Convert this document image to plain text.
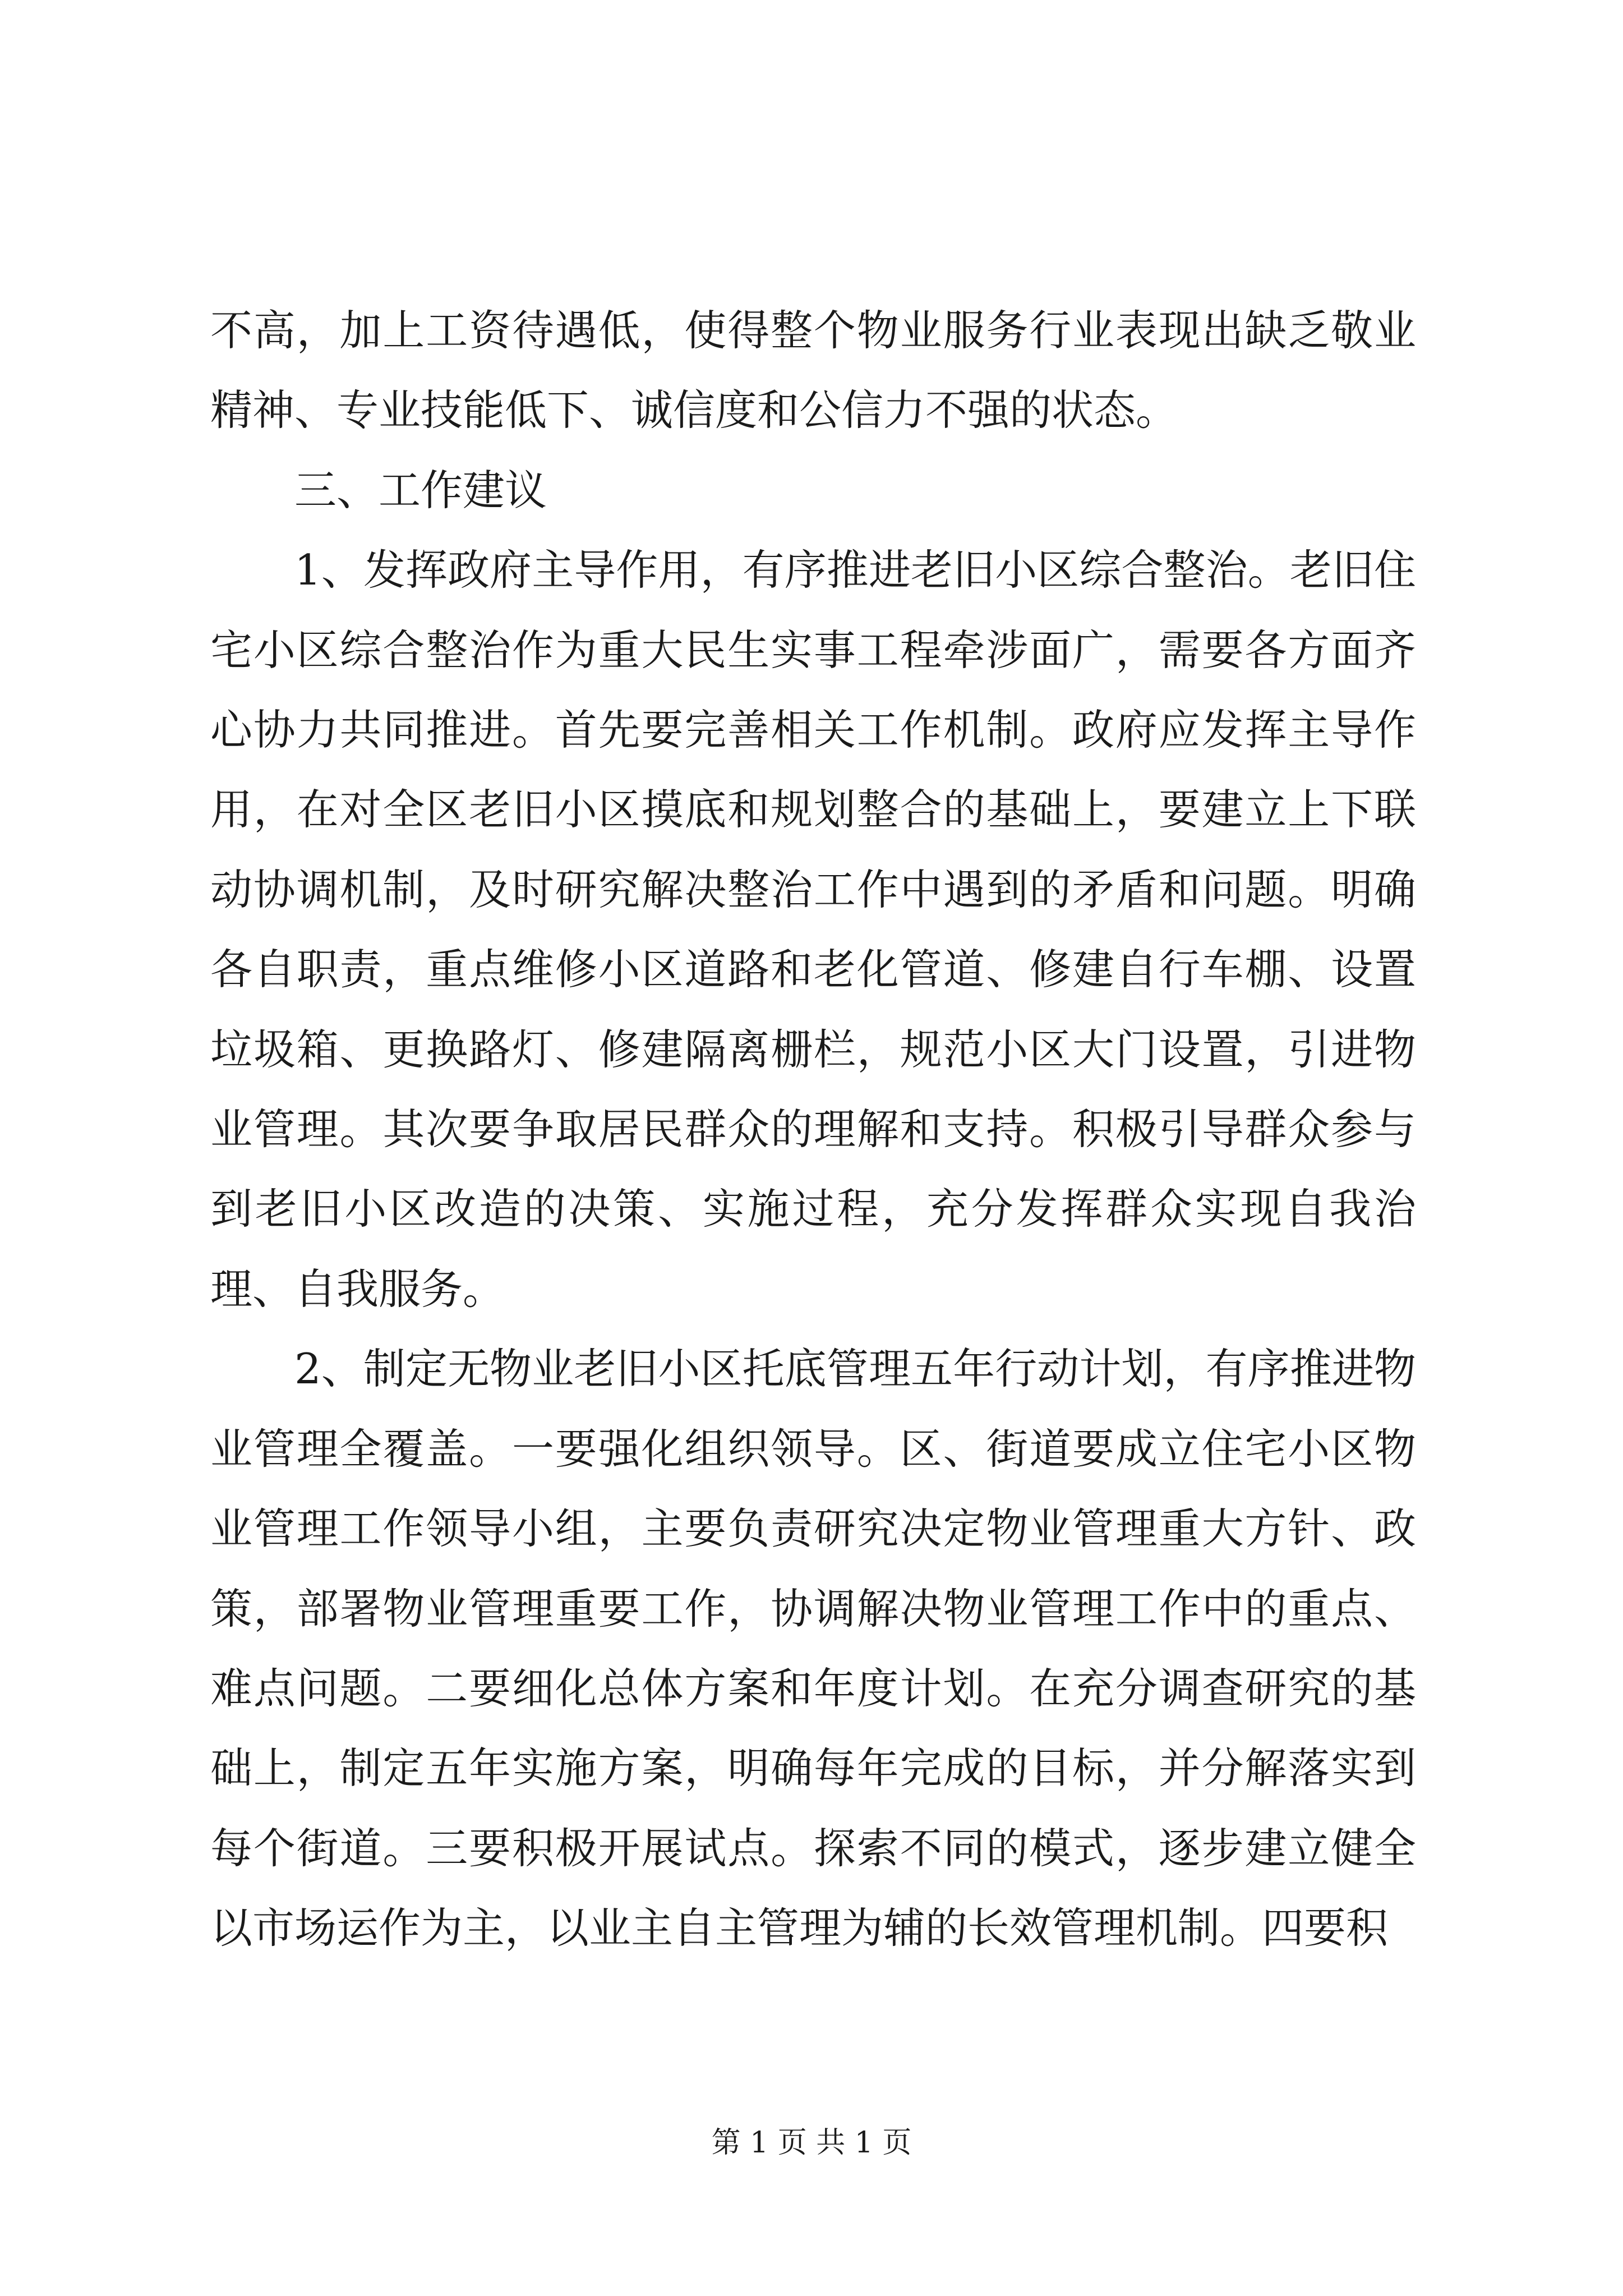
不高，加上工资待遇低，使得整个物业服务行业表现出缺乏敬业精神、专业技能低下、诚信度和公信力不强的状态。

三、工作建议

1、发挥政府主导作用，有序推进老旧小区综合整治。老旧住宅小区综合整治作为重大民生实事工程牵涉面广，需要各方面齐心协力共同推进。首先要完善相关工作机制。政府应发挥主导作用，在对全区老旧小区摸底和规划整合的基础上，要建立上下联动协调机制，及时研究解决整治工作中遇到的矛盾和问题。明确各自职责，重点维修小区道路和老化管道、修建自行车棚、设置垃圾箱、更换路灯、修建隔离栅栏，规范小区大门设置，引进物业管理。其次要争取居民群众的理解和支持。积极引导群众参与到老旧小区改造的决策、实施过程，充分发挥群众实现自我治理、自我服务。

2、制定无物业老旧小区托底管理五年行动计划，有序推进物业管理全覆盖。一要强化组织领导。区、街道要成立住宅小区物业管理工作领导小组，主要负责研究决定物业管理重大方针、政策，部署物业管理重要工作，协调解决物业管理工作中的重点、难点问题。二要细化总体方案和年度计划。在充分调查研究的基础上，制定五年实施方案，明确每年完成的目标，并分解落实到每个街道。三要积极开展试点。探索不同的模式，逐步建立健全以市场运作为主，以业主自主管理为辅的长效管理机制。四要积

第 1 页 共 1 页
